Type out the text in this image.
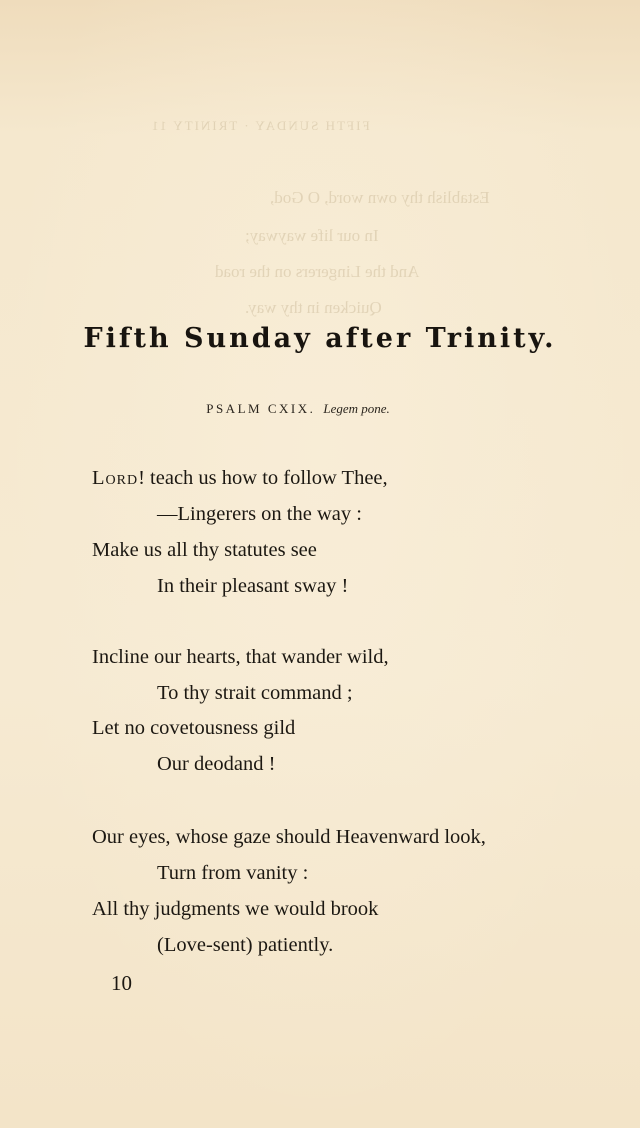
FIFTH SUNDAY · TRINITY 11
Establish thy own word, O God,
In our life wayway;
And the Lingerers on the road
Quicken in thy way.
Fifth Sunday after Trinity.
PSALM CXIX. Legem pone.
Lord! teach us how to follow Thee,
—Lingerers on the way :
Make us all thy statutes see
In their pleasant sway !
Incline our hearts, that wander wild,
To thy strait command ;
Let no covetousness gild
Our deodand !
Our eyes, whose gaze should Heavenward look,
Turn from vanity :
All thy judgments we would brook
(Love-sent) patiently.
10
